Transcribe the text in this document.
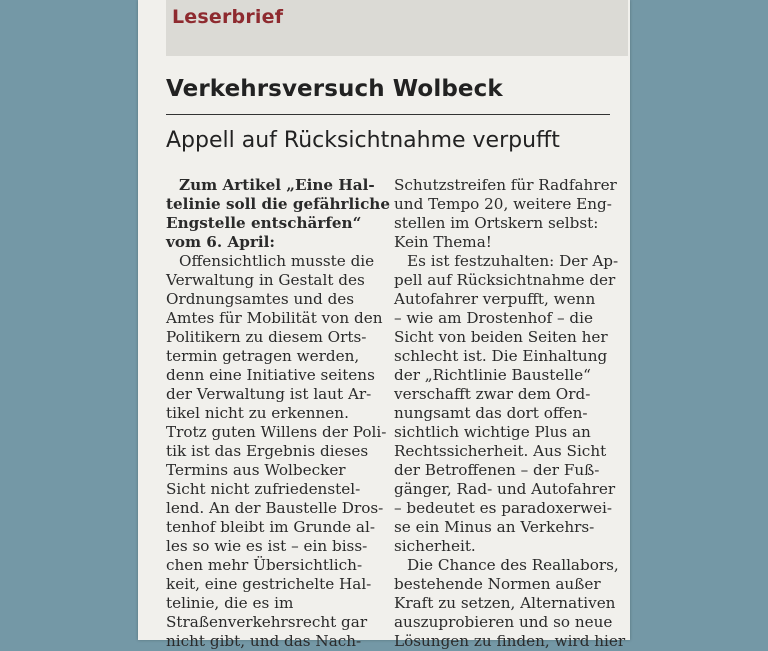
Leserbrief
Verkehrsversuch Wolbeck
Appell auf Rücksichtnahme verpufft
Zum Artikel „Eine Hal-
telinie soll die gefährliche
Engstelle entschärfen“
vom 6. April:
Offensichtlich musste die
Verwaltung in Gestalt des
Ordnungsamtes und des
Amtes für Mobilität von den
Politikern zu diesem Orts-
termin getragen werden,
denn eine Initiative seitens
der Verwaltung ist laut Ar-
tikel nicht zu erkennen.
Trotz guten Willens der Poli-
tik ist das Ergebnis dieses
Termins aus Wolbecker
Sicht nicht zufriedenstel-
lend. An der Baustelle Dros-
tenhof bleibt im Grunde al-
les so wie es ist – ein biss-
chen mehr Übersichtlich-
keit, eine gestrichelte Hal-
telinie, die es im
Straßenverkehrsrecht gar
nicht gibt, und das Nach-
Schutzstreifen für Radfahrer
und Tempo 20, weitere Eng-
stellen im Ortskern selbst:
Kein Thema!
Es ist festzuhalten: Der Ap-
pell auf Rücksichtnahme der
Autofahrer verpufft, wenn
– wie am Drostenhof – die
Sicht von beiden Seiten her
schlecht ist. Die Einhaltung
der „Richtlinie Baustelle“
verschafft zwar dem Ord-
nungsamt das dort offen-
sichtlich wichtige Plus an
Rechtssicherheit. Aus Sicht
der Betroffenen – der Fuß-
gänger, Rad- und Autofahrer
– bedeutet es paradoxerwei-
se ein Minus an Verkehrs-
sicherheit.
Die Chance des Reallabors,
bestehende Normen außer
Kraft zu setzen, Alternativen
auszuprobieren und so neue
Lösungen zu finden, wird hier
